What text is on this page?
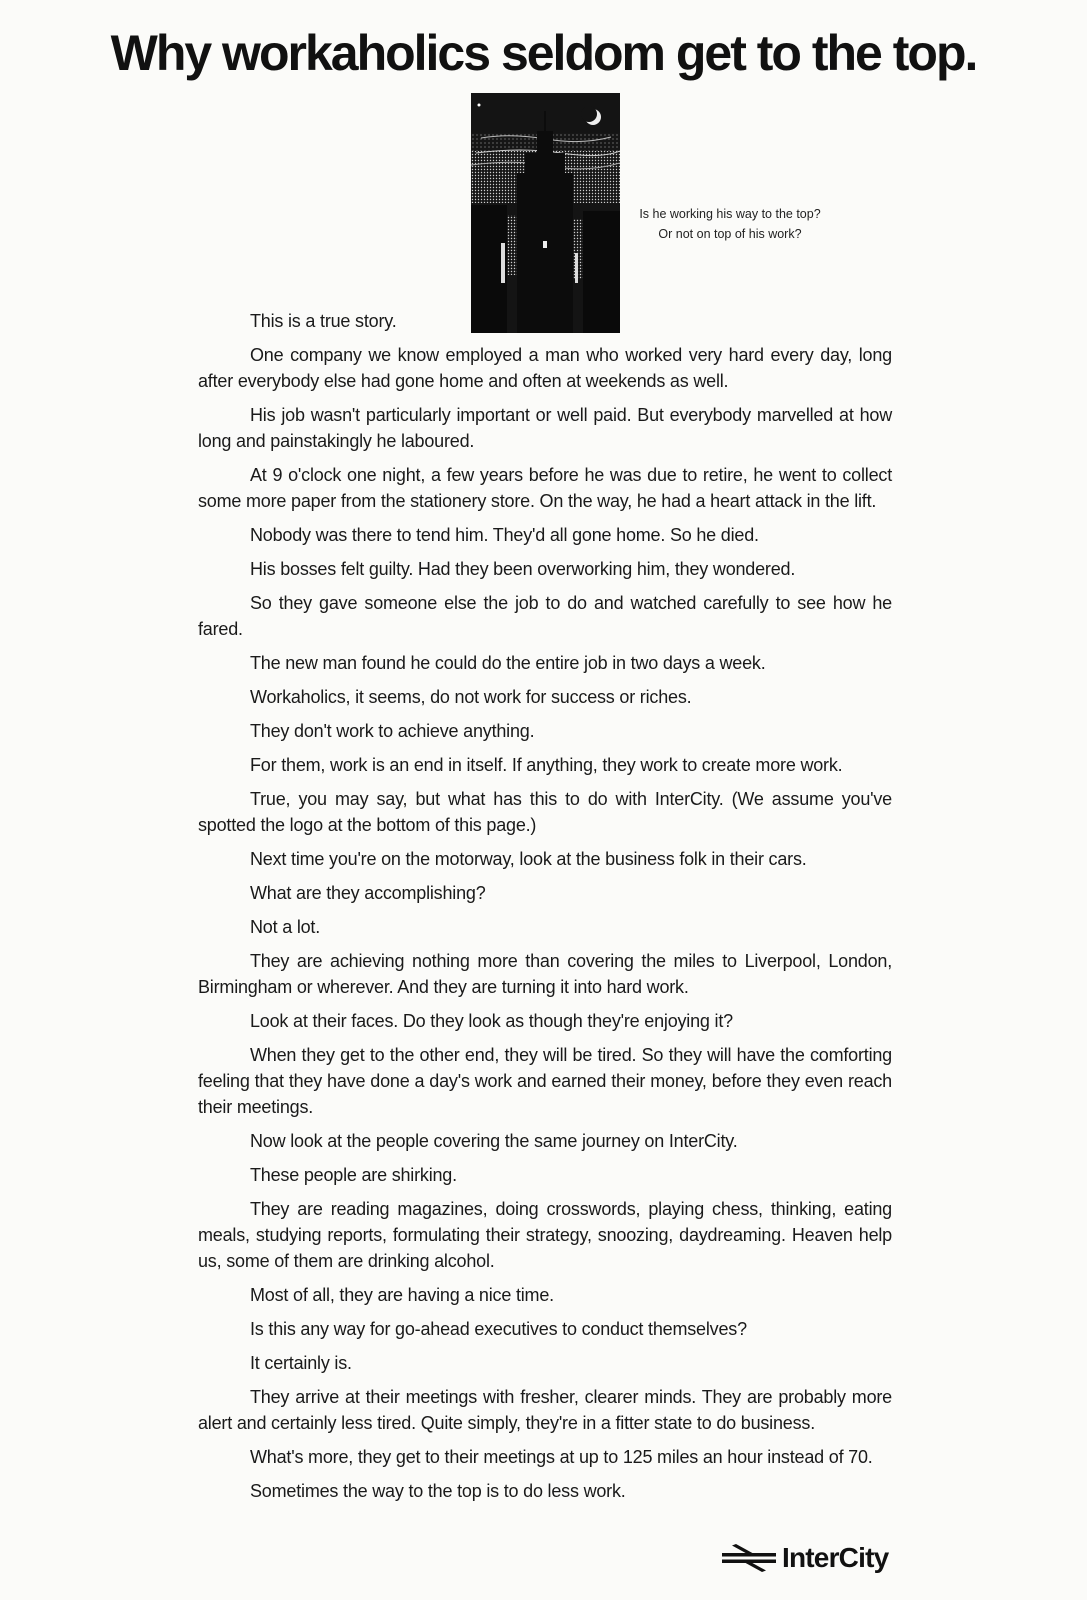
Why workaholics seldom get to the top.
Is he working his way to the top?
Or not on top of his work?

This is a true story.

One company we know employed a man who worked very hard every day, long after everybody else had gone home and often at weekends as well.

His job wasn't particularly important or well paid. But everybody marvelled at how long and painstakingly he laboured.

At 9 o'clock one night, a few years before he was due to retire, he went to collect some more paper from the stationery store. On the way, he had a heart attack in the lift.

Nobody was there to tend him. They'd all gone home. So he died.

His bosses felt guilty. Had they been overworking him, they wondered.

So they gave someone else the job to do and watched carefully to see how he fared.

The new man found he could do the entire job in two days a week.

Workaholics, it seems, do not work for success or riches.

They don't work to achieve anything.

For them, work is an end in itself. If anything, they work to create more work.

True, you may say, but what has this to do with InterCity. (We assume you've spotted the logo at the bottom of this page.)

Next time you're on the motorway, look at the business folk in their cars.

What are they accomplishing?

Not a lot.

They are achieving nothing more than covering the miles to Liverpool, London, Birmingham or wherever. And they are turning it into hard work.

Look at their faces. Do they look as though they're enjoying it?

When they get to the other end, they will be tired. So they will have the comforting feeling that they have done a day's work and earned their money, before they even reach their meetings.

Now look at the people covering the same journey on InterCity.

These people are shirking.

They are reading magazines, doing crosswords, playing chess, thinking, eating meals, studying reports, formulating their strategy, snoozing, daydreaming. Heaven help us, some of them are drinking alcohol.

Most of all, they are having a nice time.

Is this any way for go-ahead executives to conduct themselves?

It certainly is.

They arrive at their meetings with fresher, clearer minds. They are probably more alert and certainly less tired. Quite simply, they're in a fitter state to do business.

What's more, they get to their meetings at up to 125 miles an hour instead of 70.

Sometimes the way to the top is to do less work.

InterCity
